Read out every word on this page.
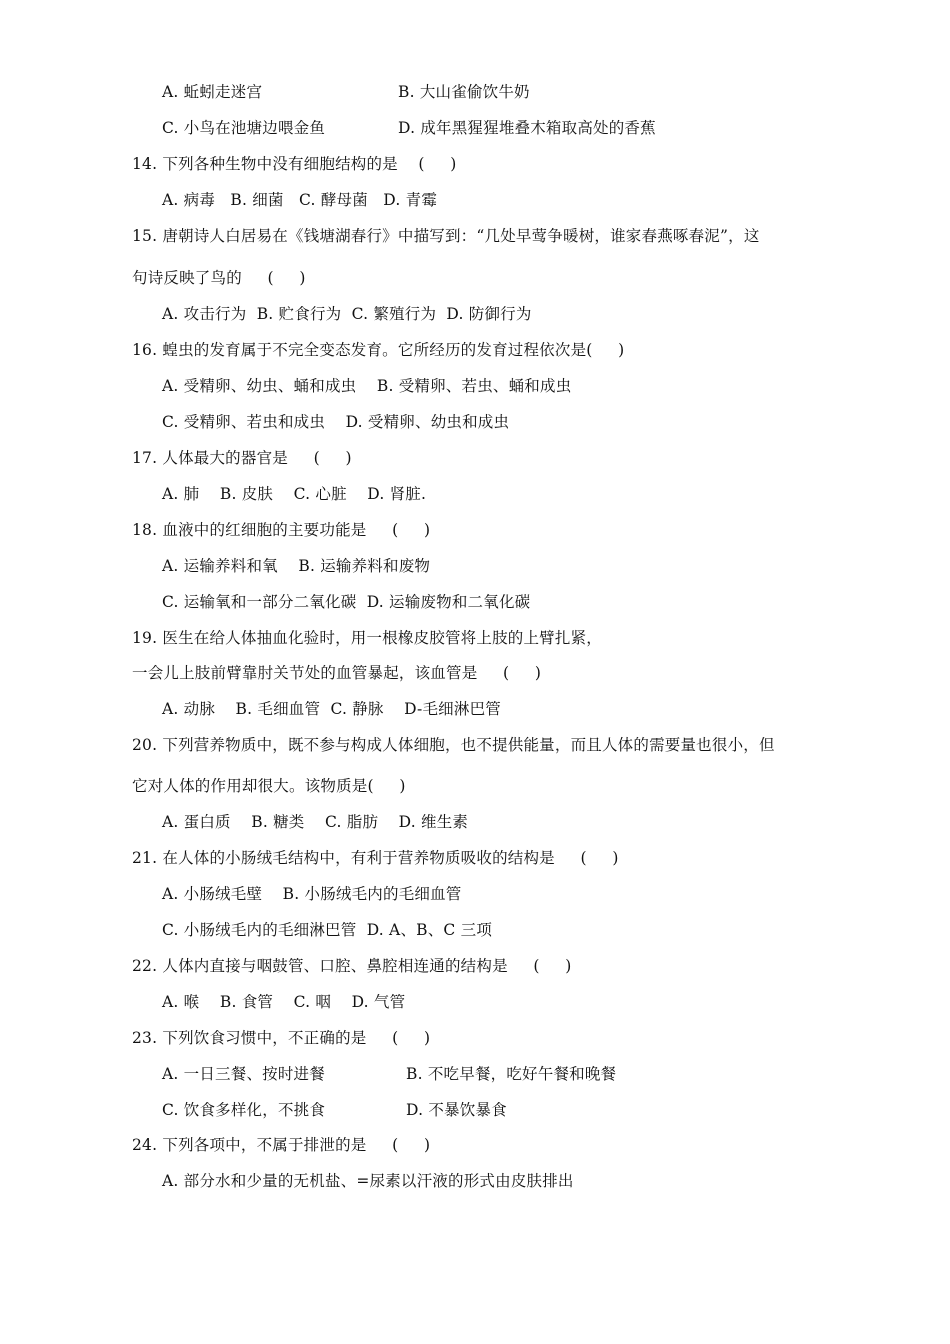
A. 蚯蚓走迷宫	B. 大山雀偷饮牛奶
C. 小鸟在池塘边喂金鱼	D. 成年黑猩猩堆叠木箱取高处的香蕉
14. 下列各种生物中没有细胞结构的是    (     )
A. 病毒   B. 细菌   C. 酵母菌   D. 青霉
15. 唐朝诗人白居易在《钱塘湖春行》中描写到：“几处早莺争暖树，谁家春燕啄春泥”，这
句诗反映了鸟的     (     )
A. 攻击行为  B. 贮食行为  C. 繁殖行为  D. 防御行为
16. 蝗虫的发育属于不完全变态发育。它所经历的发育过程依次是(     )
A. 受精卵、幼虫、蛹和成虫    B. 受精卵、若虫、蛹和成虫
C. 受精卵、若虫和成虫    D. 受精卵、幼虫和成虫
17. 人体最大的器官是     (     )
A. 肺    B. 皮肤    C. 心脏    D. 肾脏.
18. 血液中的红细胞的主要功能是     (     )
A. 运输养料和氧    B. 运输养料和废物
C. 运输氧和一部分二氧化碳  D. 运输废物和二氧化碳
19. 医生在给人体抽血化验时，用一根橡皮胶管将上肢的上臂扎紧，
一会儿上肢前臂靠肘关节处的血管暴起，该血管是     (     )
A. 动脉    B. 毛细血管  C. 静脉    D-毛细淋巴管
20. 下列营养物质中，既不参与构成人体细胞，也不提供能量，而且人体的需要量也很小，但
它对人体的作用却很大。该物质是(     )
A. 蛋白质    B. 糖类    C. 脂肪    D. 维生素
21. 在人体的小肠绒毛结构中，有利于营养物质吸收的结构是     (     )
A. 小肠绒毛壁    B. 小肠绒毛内的毛细血管
C. 小肠绒毛内的毛细淋巴管  D. A、B、C 三项
22. 人体内直接与咽鼓管、口腔、鼻腔相连通的结构是     (     )
A. 喉    B. 食管    C. 咽    D. 气管
23. 下列饮食习惯中，不正确的是     (     )
A. 一日三餐、按时进餐	B. 不吃早餐，吃好午餐和晚餐
C. 饮食多样化，不挑食	D. 不暴饮暴食
24. 下列各项中，不属于排泄的是     (     )
A. 部分水和少量的无机盐、=尿素以汗液的形式由皮肤排出
